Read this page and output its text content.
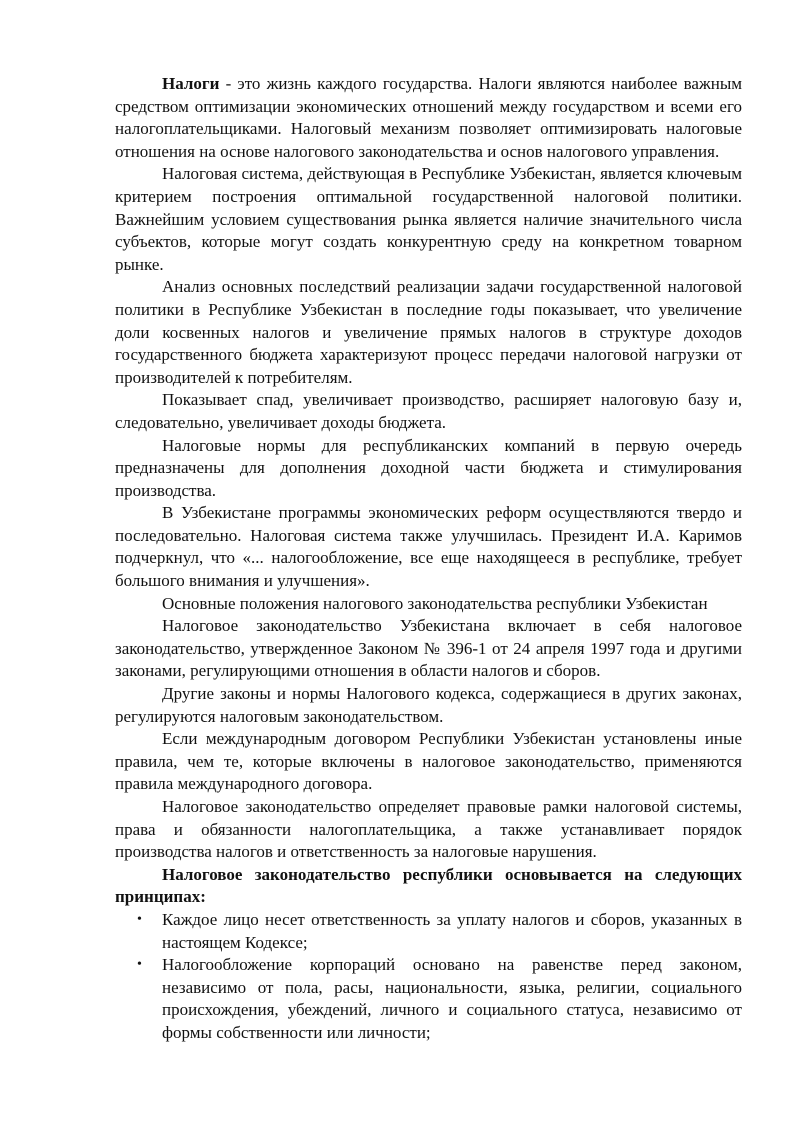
Налоги - это жизнь каждого государства. Налоги являются наиболее важным средством оптимизации экономических отношений между государством и всеми его налогоплательщиками. Налоговый механизм позволяет оптимизировать налоговые отношения на основе налогового законодательства и основ налогового управления.

Налоговая система, действующая в Республике Узбекистан, является ключевым критерием построения оптимальной государственной налоговой политики. Важнейшим условием существования рынка является наличие значительного числа субъектов, которые могут создать конкурентную среду на конкретном товарном рынке.

Анализ основных последствий реализации задачи государственной налоговой политики в Республике Узбекистан в последние годы показывает, что увеличение доли косвенных налогов и увеличение прямых налогов в структуре доходов государственного бюджета характеризуют процесс передачи налоговой нагрузки от производителей к потребителям.

Показывает спад, увеличивает производство, расширяет налоговую базу и, следовательно, увеличивает доходы бюджета.

Налоговые нормы для республиканских компаний в первую очередь предназначены для дополнения доходной части бюджета и стимулирования производства.

В Узбекистане программы экономических реформ осуществляются твердо и последовательно. Налоговая система также улучшилась. Президент И.А. Каримов подчеркнул, что «... налогообложение, все еще находящееся в республике, требует большого внимания и улучшения».

Основные положения налогового законодательства республики Узбекистан

Налоговое законодательство Узбекистана включает в себя налоговое законодательство, утвержденное Законом № 396-1 от 24 апреля 1997 года и другими законами, регулирующими отношения в области налогов и сборов.

Другие законы и нормы Налогового кодекса, содержащиеся в других законах, регулируются налоговым законодательством.

Если международным договором Республики Узбекистан установлены иные правила, чем те, которые включены в налоговое законодательство, применяются правила международного договора.

Налоговое законодательство определяет правовые рамки налоговой системы, права и обязанности налогоплательщика, а также устанавливает порядок производства налогов и ответственность за налоговые нарушения.

Налоговое законодательство республики основывается на следующих принципах:

• Каждое лицо несет ответственность за уплату налогов и сборов, указанных в настоящем Кодексе;
• Налогообложение корпораций основано на равенстве перед законом, независимо от пола, расы, национальности, языка, религии, социального происхождения, убеждений, личного и социального статуса, независимо от формы собственности или личности;
